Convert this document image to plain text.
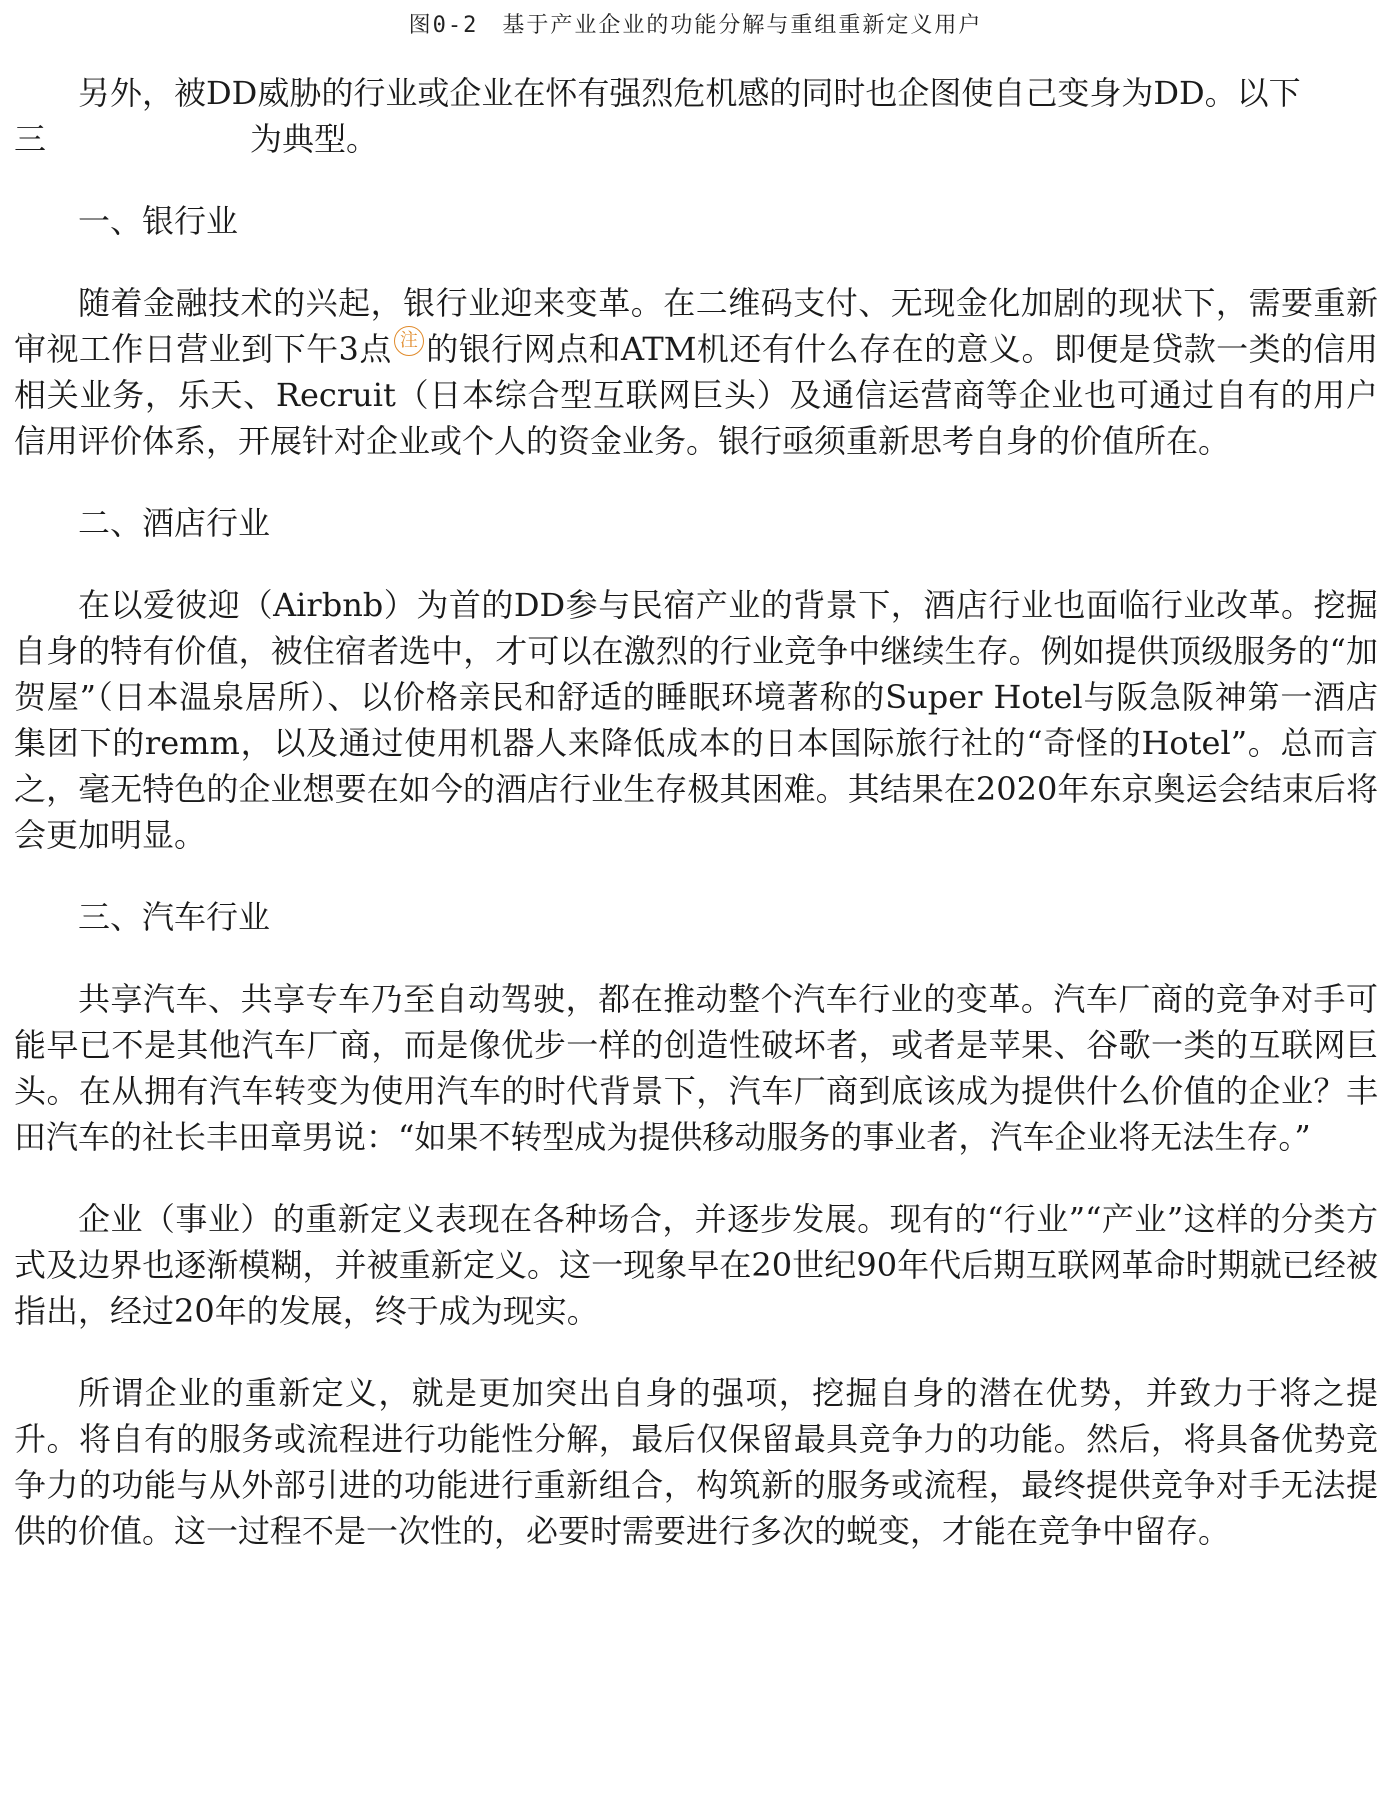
图0-2　基于产业企业的功能分解与重组重新定义用户

另外，被DD威胁的行业或企业在怀有强烈危机感的同时也企图使自己变身为DD。以下

三	为典型。

一、银行业

随着金融技术的兴起，银行业迎来变革。在二维码支付、无现金化加剧的现状下，需要重新审视工作日营业到下午3点 注 的银行网点和ATM机还有什么存在的意义。即便是贷款一类的信用相关业务，乐天、Recruit（日本综合型互联网巨头）及通信运营商等企业也可通过自有的用户信用评价体系，开展针对企业或个人的资金业务。银行亟须重新思考自身的价值所在。

二、酒店行业

在以爱彼迎（Airbnb）为首的DD参与民宿产业的背景下，酒店行业也面临行业改革。挖掘自身的特有价值，被住宿者选中，才可以在激烈的行业竞争中继续生存。例如提供顶级服务的“加贺屋”（日本温泉居所）、以价格亲民和舒适的睡眠环境著称的Super Hotel与阪急阪神第一酒店集团下的remm，以及通过使用机器人来降低成本的日本国际旅行社的“奇怪的Hotel”。总而言之，毫无特色的企业想要在如今的酒店行业生存极其困难。其结果在2020年东京奥运会结束后将会更加明显。

三、汽车行业

共享汽车、共享专车乃至自动驾驶，都在推动整个汽车行业的变革。汽车厂商的竞争对手可能早已不是其他汽车厂商，而是像优步一样的创造性破坏者，或者是苹果、谷歌一类的互联网巨头。在从拥有汽车转变为使用汽车的时代背景下，汽车厂商到底该成为提供什么价值的企业？丰田汽车的社长丰田章男说：“如果不转型成为提供移动服务的事业者，汽车企业将无法生存。”

企业（事业）的重新定义表现在各种场合，并逐步发展。现有的“行业”“产业”这样的分类方式及边界也逐渐模糊，并被重新定义。这一现象早在20世纪90年代后期互联网革命时期就已经被指出，经过20年的发展，终于成为现实。

所谓企业的重新定义，就是更加突出自身的强项，挖掘自身的潜在优势，并致力于将之提升。将自有的服务或流程进行功能性分解，最后仅保留最具竞争力的功能。然后，将具备优势竞争力的功能与从外部引进的功能进行重新组合，构筑新的服务或流程，最终提供竞争对手无法提供的价值。这一过程不是一次性的，必要时需要进行多次的蜕变，才能在竞争中留存。
